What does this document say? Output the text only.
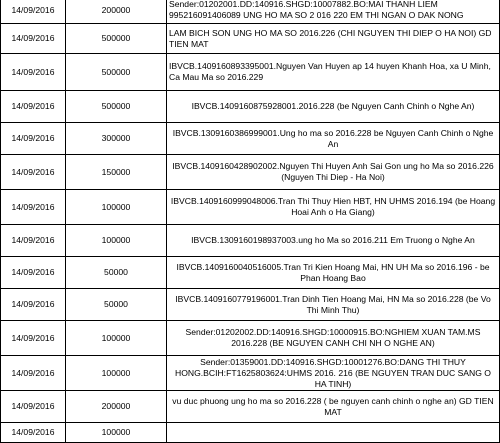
14/09/2016	200000	Sender:01202001.DD:140916.SHGD:10007882.BO:MAI THANH LIEM 995216091406089 UNG HO MA SO 2 016 220 EM THI NGAN O DAK NONG
14/09/2016	500000	LAM BICH SON UNG HO MA SO 2016.226 (CHI NGUYEN THI DIEP O HA NOI) GD TIEN MAT
14/09/2016	500000	IBVCB.1409160893395001.Nguyen Van Huyen ap 14 huyen Khanh Hoa, xa U Minh, Ca Mau Ma so 2016.229
14/09/2016	500000	IBVCB.1409160875928001.2016.228 (be Nguyen Canh Chinh o Nghe An)
14/09/2016	300000	IBVCB.1309160386999001.Ung ho ma so 2016.228 be Nguyen Canh Chinh o Nghe An
14/09/2016	150000	IBVCB.1409160428902002.Nguyen Thi Huyen Anh Sai Gon ung ho Ma so 2016.226 (Nguyen Thi Diep - Ha Noi)
14/09/2016	100000	IBVCB.1409160999048006.Tran Thi Thuy Hien HBT, HN UHMS 2016.194 (be Hoang Hoai Anh o Ha Giang)
14/09/2016	100000	IBVCB.1309160198937003.ung ho Ma so 2016.211 Em Truong o Nghe An
14/09/2016	50000	IBVCB.1409160040516005.Tran Tri Kien Hoang Mai, HN UH Ma so 2016.196 - be Phan Hoang Bao
14/09/2016	50000	IBVCB.1409160779196001.Tran Dinh Tien Hoang Mai, HN Ma so 2016.228 (be Vo Thi Minh Thu)
14/09/2016	100000	Sender:01202002.DD:140916.SHGD:10000915.BO:NGHIEM XUAN TAM.MS 2016.228 (BE NGUYEN CANH CHI NH O NGHE AN)
14/09/2016	100000	Sender:01359001.DD:140916.SHGD:10001276.BO:DANG THI THUY HONG.BCIH:FT1625803624:UHMS 2016. 216 (BE NGUYEN TRAN DUC SANG O HA TINH)
14/09/2016	200000	vu duc phuong ung ho ma so 2016.228 ( be nguyen canh chinh o nghe an) GD TIEN MAT
14/09/2016	100000	
